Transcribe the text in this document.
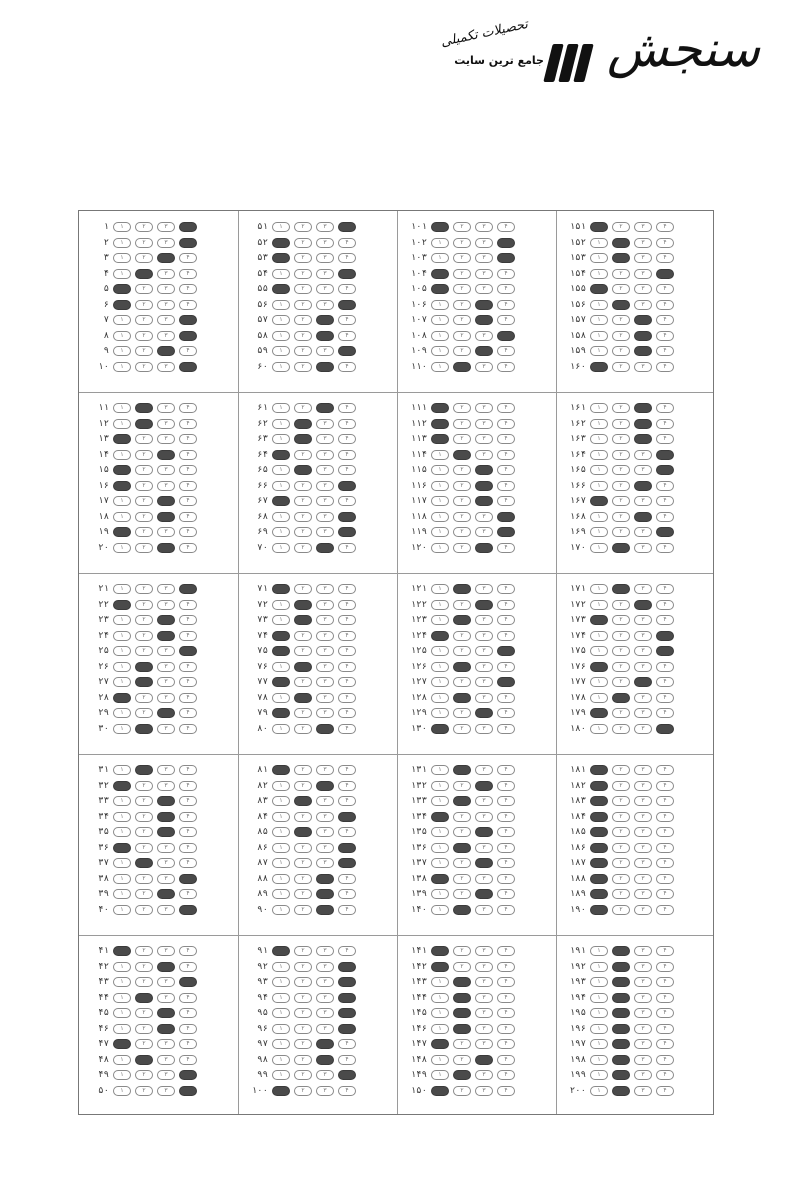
سنجش
جامع ترین سایت
تحصیلات تکمیلی
۱	۱	۲	۳
۲	۱	۲	۳
۳	۱	۲	۴
۴	۱	۳	۴
۵	۲	۳	۴
۶	۲	۳	۴
۷	۱	۲	۳
۸	۱	۲	۳
۹	۱	۲	۴
۱۰	۱	۲	۳
۱۱	۱	۳	۴
۱۲	۱	۳	۴
۱۳	۲	۳	۴
۱۴	۱	۲	۴
۱۵	۲	۳	۴
۱۶	۲	۳	۴
۱۷	۱	۲	۴
۱۸	۱	۲	۴
۱۹	۲	۳	۴
۲۰	۱	۲	۴
۲۱	۱	۲	۳
۲۲	۲	۳	۴
۲۳	۱	۲	۴
۲۴	۱	۲	۴
۲۵	۱	۲	۳
۲۶	۱	۳	۴
۲۷	۱	۳	۴
۲۸	۲	۳	۴
۲۹	۱	۲	۴
۳۰	۱	۳	۴
۳۱	۱	۳	۴
۳۲	۲	۳	۴
۳۳	۱	۲	۴
۳۴	۱	۲	۴
۳۵	۱	۲	۴
۳۶	۲	۳	۴
۳۷	۱	۳	۴
۳۸	۱	۲	۳
۳۹	۱	۲	۴
۴۰	۱	۲	۳
۴۱	۲	۳	۴
۴۲	۱	۲	۴
۴۳	۱	۲	۳
۴۴	۱	۳	۴
۴۵	۱	۲	۴
۴۶	۱	۲	۴
۴۷	۲	۳	۴
۴۸	۱	۳	۴
۴۹	۱	۲	۳
۵۰	۱	۲	۳
۵۱	۱	۲	۳
۵۲	۲	۳	۴
۵۳	۲	۳	۴
۵۴	۱	۲	۳
۵۵	۲	۳	۴
۵۶	۱	۲	۳
۵۷	۱	۲	۴
۵۸	۱	۲	۴
۵۹	۱	۲	۳
۶۰	۱	۲	۴
۶۱	۱	۲	۴
۶۲	۱	۳	۴
۶۳	۱	۳	۴
۶۴	۲	۳	۴
۶۵	۱	۳	۴
۶۶	۱	۲	۳
۶۷	۲	۳	۴
۶۸	۱	۲	۳
۶۹	۱	۲	۳
۷۰	۱	۲	۴
۷۱	۲	۳	۴
۷۲	۱	۳	۴
۷۳	۱	۳	۴
۷۴	۲	۳	۴
۷۵	۲	۳	۴
۷۶	۱	۳	۴
۷۷	۲	۳	۴
۷۸	۱	۳	۴
۷۹	۲	۳	۴
۸۰	۱	۲	۴
۸۱	۲	۳	۴
۸۲	۱	۲	۴
۸۳	۱	۳	۴
۸۴	۱	۲	۳
۸۵	۱	۳	۴
۸۶	۱	۲	۳
۸۷	۱	۲	۳
۸۸	۱	۲	۴
۸۹	۱	۲	۴
۹۰	۱	۲	۴
۹۱	۲	۳	۴
۹۲	۱	۲	۳
۹۳	۱	۲	۳
۹۴	۱	۲	۳
۹۵	۱	۲	۳
۹۶	۱	۲	۳
۹۷	۱	۲	۴
۹۸	۱	۲	۴
۹۹	۱	۲	۳
۱۰۰	۲	۳	۴
۱۰۱	۲	۳	۴
۱۰۲	۱	۲	۳
۱۰۳	۱	۲	۳
۱۰۴	۲	۳	۴
۱۰۵	۲	۳	۴
۱۰۶	۱	۲	۴
۱۰۷	۱	۲	۴
۱۰۸	۱	۲	۳
۱۰۹	۱	۲	۴
۱۱۰	۱	۳	۴
۱۱۱	۲	۳	۴
۱۱۲	۲	۳	۴
۱۱۳	۲	۳	۴
۱۱۴	۱	۳	۴
۱۱۵	۱	۲	۴
۱۱۶	۱	۲	۴
۱۱۷	۱	۲	۴
۱۱۸	۱	۲	۳
۱۱۹	۱	۲	۳
۱۲۰	۱	۲	۴
۱۲۱	۱	۳	۴
۱۲۲	۱	۲	۴
۱۲۳	۱	۳	۴
۱۲۴	۲	۳	۴
۱۲۵	۱	۲	۳
۱۲۶	۱	۳	۴
۱۲۷	۱	۲	۳
۱۲۸	۱	۳	۴
۱۲۹	۱	۲	۴
۱۳۰	۲	۳	۴
۱۳۱	۱	۳	۴
۱۳۲	۱	۲	۴
۱۳۳	۱	۳	۴
۱۳۴	۲	۳	۴
۱۳۵	۱	۲	۴
۱۳۶	۱	۳	۴
۱۳۷	۱	۲	۴
۱۳۸	۲	۳	۴
۱۳۹	۱	۲	۴
۱۴۰	۱	۳	۴
۱۴۱	۲	۳	۴
۱۴۲	۲	۳	۴
۱۴۳	۱	۳	۴
۱۴۴	۱	۳	۴
۱۴۵	۱	۳	۴
۱۴۶	۱	۳	۴
۱۴۷	۲	۳	۴
۱۴۸	۱	۲	۴
۱۴۹	۱	۳	۴
۱۵۰	۲	۳	۴
۱۵۱	۲	۳	۴
۱۵۲	۱	۳	۴
۱۵۳	۱	۳	۴
۱۵۴	۱	۲	۳
۱۵۵	۲	۳	۴
۱۵۶	۱	۳	۴
۱۵۷	۱	۲	۴
۱۵۸	۱	۲	۴
۱۵۹	۱	۲	۴
۱۶۰	۲	۳	۴
۱۶۱	۱	۲	۴
۱۶۲	۱	۲	۴
۱۶۳	۱	۲	۴
۱۶۴	۱	۲	۳
۱۶۵	۱	۲	۳
۱۶۶	۱	۲	۴
۱۶۷	۲	۳	۴
۱۶۸	۱	۲	۴
۱۶۹	۱	۲	۳
۱۷۰	۱	۳	۴
۱۷۱	۱	۳	۴
۱۷۲	۱	۲	۴
۱۷۳	۲	۳	۴
۱۷۴	۱	۲	۳
۱۷۵	۱	۲	۳
۱۷۶	۲	۳	۴
۱۷۷	۱	۲	۴
۱۷۸	۱	۳	۴
۱۷۹	۲	۳	۴
۱۸۰	۱	۲	۳
۱۸۱	۲	۳	۴
۱۸۲	۲	۳	۴
۱۸۳	۲	۳	۴
۱۸۴	۲	۳	۴
۱۸۵	۲	۳	۴
۱۸۶	۲	۳	۴
۱۸۷	۲	۳	۴
۱۸۸	۲	۳	۴
۱۸۹	۲	۳	۴
۱۹۰	۲	۳	۴
۱۹۱	۱	۳	۴
۱۹۲	۱	۳	۴
۱۹۳	۱	۳	۴
۱۹۴	۱	۳	۴
۱۹۵	۱	۳	۴
۱۹۶	۱	۳	۴
۱۹۷	۱	۳	۴
۱۹۸	۱	۳	۴
۱۹۹	۱	۳	۴
۲۰۰	۱	۳	۴
